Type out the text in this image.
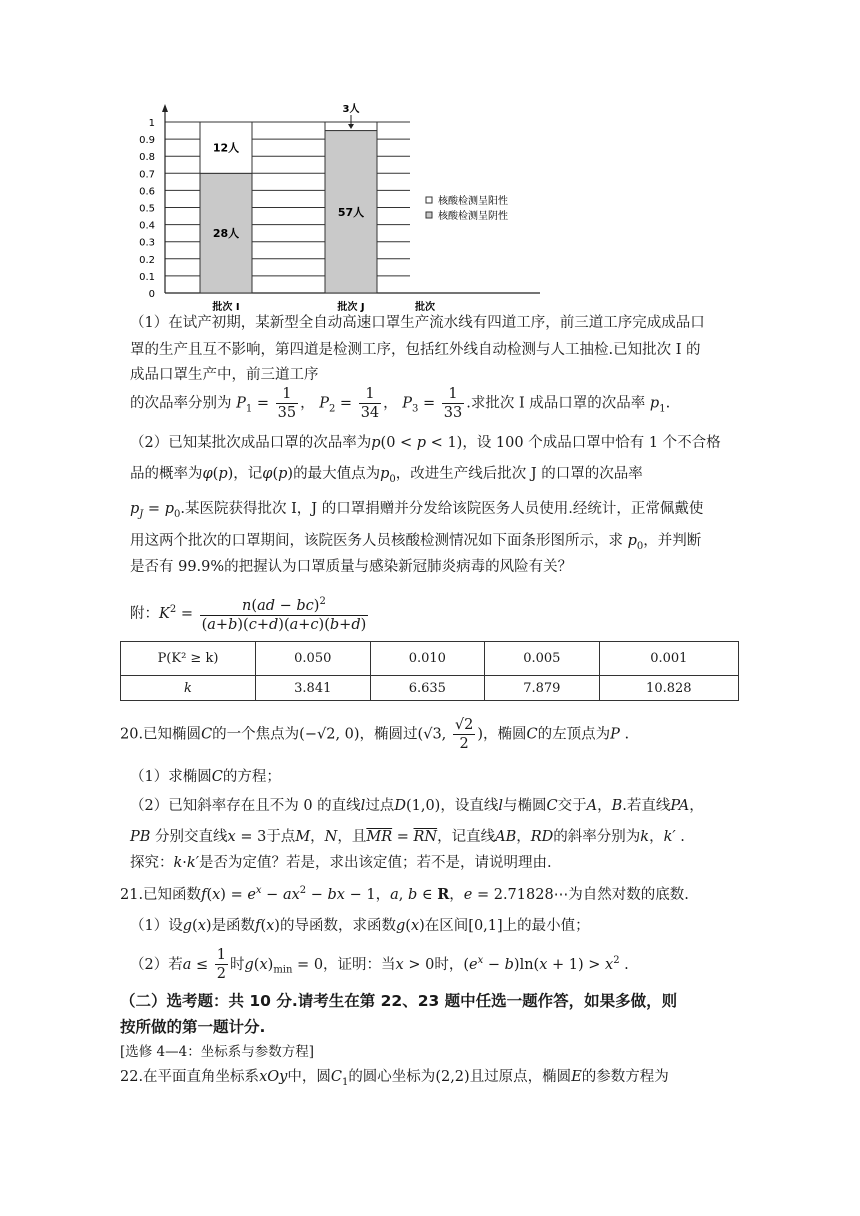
0
0.1
0.2
0.3
0.4
0.5
0.6
0.7
0.8
0.9
1
28人
批次 I
57人
批次 J
12人
3人
批次
核酸检测呈阳性
核酸检测呈阴性
（1）在试产初期，某新型全自动高速口罩生产流水线有四道工序，前三道工序完成成品口
罩的生产且互不影响，第四道是检测工序，包括红外线自动检测与人工抽检.已知批次 I 的
成品口罩生产中，前三道工序
的次品率分别为 $P_1 = \frac{1}{35}$ ， $P_2 = \frac{1}{34}$ ， $P_3 = \frac{1}{33}$ .求批次 I 成品口罩的次品率 $p_1$.
（2）已知某批次成品口罩的次品率为p(0 < p < 1)，设 100 个成品口罩中恰有 1 个不合格
品的概率为φ(p)，记φ(p)的最大值点为$p_0$，改进生产线后批次 J 的口罩的次品率
$p_J = p_0$.某医院获得批次 I，J 的口罩捐赠并分发给该院医务人员使用.经统计，正常佩戴使
用这两个批次的口罩期间，该院医务人员核酸检测情况如下面条形图所示，求 $p_0$，并判断
是否有 99.9%的把握认为口罩质量与感染新冠肺炎病毒的风险有关？
附：$K^2 = \frac{n(ad - bc)^2}{(a+b)(c+d)(a+c)(b+d)}$
P(K² ≥ k)	0.050	0.010	0.005	0.001
k	3.841	6.635	7.879	10.828
20.已知椭圆C的一个焦点为(−√2, 0)，椭圆过(√3, $\frac{√2}{2}$ )，椭圆C的左顶点为P .
（1）求椭圆C的方程；
（2）已知斜率存在且不为 0 的直线l过点D(1,0)，设直线l与椭圆C交于A，B.若直线PA，
PB 分别交直线x = 3于点M，N，且$\overline{MR} = \overline{RN}$，记直线AB，RD的斜率分别为k，k′ .
探究：k·k′是否为定值？若是，求出该定值；若不是，请说明理由.
21.已知函数$f(x) = e^x - ax^2$ − bx − 1，a, b ∈ R，e = 2.71828⋯为自然对数的底数.
（1）设g(x)是函数f(x)的导函数，求函数g(x)在区间[0,1]上的最小值；
（2）若$a \le \frac{1}{2}$ 时$g(x)_{min} = 0$，证明：当x > 0时，$(e^x - b)\ln(x + 1) > x^2$ .
（二）选考题：共 10 分.请考生在第 22、23 题中任选一题作答，如果多做，则
按所做的第一题计分.
[选修 4—4：坐标系与参数方程]
22.在平面直角坐标系xOy中，圆$C_1$的圆心坐标为(2,2)且过原点，椭圆E的参数方程为
